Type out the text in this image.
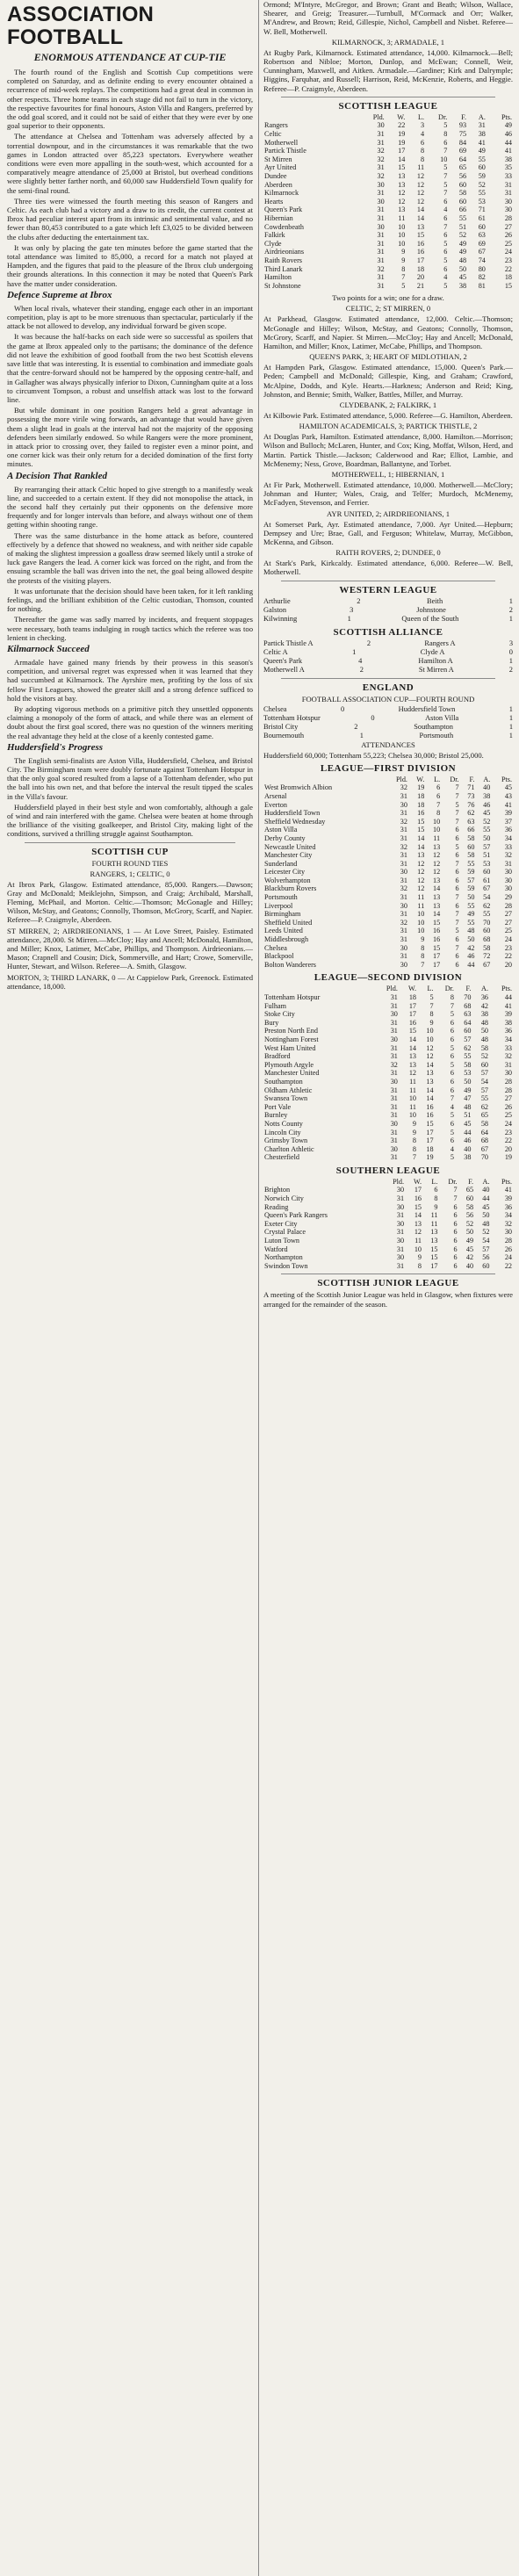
ASSOCIATION FOOTBALL
ENORMOUS ATTENDANCE AT CUP-TIE

The fourth round of the English and Scottish Cup competitions were completed on Saturday, and as definite ending to every encounter obtained a recurrence of mid-week replays. The competitions had a great deal in common in other respects. Three home teams in each stage did not fail to turn in the victory, the respective favourites for final honours, Aston Villa and Rangers, preferred by the odd goal scored, and it could not be said of either that they were ever by one goal superior to their opponents.

The attendance at Chelsea and Tottenham was adversely affected by a torrential downpour, and in the circumstances it was remarkable that the two games in London attracted over 85,223 spectators. Everywhere weather conditions were even more appalling in the south-west, which accounted for a comparatively meagre attendance of 25,000 at Bristol, but overhead conditions were slightly better farther north, and 60,000 saw Huddersfield Town qualify for the semi-final round.

Three ties were witnessed the fourth meeting this season of Rangers and Celtic. As each club had a victory and a draw to its credit, the current contest at Ibrox had peculiar interest apart from its intrinsic and sentimental value, and no fewer than 80,453 contributed to a gate which left £3,025 to be divided between the clubs after deducting the entertainment tax.

It was only by placing the gate ten minutes before the game started that the total attendance was limited to 85,000, a record for a match not played at Hampden, and the figures that paid to the pleasure of the Ibrox club undergoing their grounds alterations. In this connection it may be noted that Queen's Park have the matter under consideration.

Defence Supreme at Ibrox

When local rivals, whatever their standing, engage each other in an important competition, play is apt to be more strenuous than spectacular, particularly if the attack be not allowed to develop, any individual forward be given scope.

It was because the half-backs on each side were so successful as spoilers that the game at Ibrox appealed only to the partisans; the dominance of the defence did not leave the exhibition of good football from the two best Scottish elevens save little that was interesting. It is essential to combination and immediate goals that the centre-forward should not be hampered by the opposing centre-half, and in Gallagher was always physically inferior to Dixon, Cunningham quite at a loss to circumvent Tompson, a robust and unselfish attack was lost to the forward line.

But while dominant in one position Rangers held a great advantage in possessing the more virile wing forwards, an advantage that would have given them a slight lead in goals at the interval had not the majority of the opposing defenders been similarly endowed. So while Rangers were the more prominent, in attack prior to crossing over, they failed to register even a minor point, and one corner kick was their only return for a decided domination of the first forty minutes.

A Decision That Rankled

By rearranging their attack Celtic hoped to give strength to a manifestly weak line, and succeeded to a certain extent. If they did not monopolise the attack, in the second half they certainly put their opponents on the defensive more frequently and for longer intervals than before, and always without one of them getting within shooting range.

There was the same disturbance in the home attack as before, countered effectively by a defence that showed no weakness, and with neither side capable of making the slightest impression a goalless draw seemed likely until a stroke of luck gave Rangers the lead. A corner kick was forced on the right, and from the ensuing scramble the ball was driven into the net, the goal being allowed despite the protests of the visiting players.

It was unfortunate that the decision should have been taken, for it left rankling feelings, and the brilliant exhibition of the Celtic custodian, Thomson, counted for nothing.

Thereafter the game was sadly marred by incidents, and frequent stoppages were necessary, both teams indulging in rough tactics which the referee was too lenient in checking.

Kilmarnock Succeed

Armadale have gained many friends by their prowess in this season's competition, and universal regret was expressed when it was learned that they had succumbed at Kilmarnock. The Ayrshire men, profiting by the loss of six fellow First Leaguers, showed the greater skill and a strong defence sufficed to hold the visitors at bay.

By adopting vigorous methods on a primitive pitch they unsettled opponents claiming a monopoly of the form of attack, and while there was an element of doubt about the first goal scored, there was no question of the winners meriting the real advantage they held at the close of a keenly contested game.

Huddersfield's Progress

The English semi-finalists are Aston Villa, Huddersfield, Chelsea, and Bristol City. The Birmingham team were doubly fortunate against Tottenham Hotspur in that the only goal scored resulted from a lapse of a Tottenham defender, who put the ball into his own net, and that before the interval the result tipped the scales in the Villa's favour.

Huddersfield played in their best style and won comfortably, although a gale of wind and rain interfered with the game. Chelsea were beaten at home through the brilliance of the visiting goalkeeper, and Bristol City, making light of the conditions, survived a thrilling struggle against Southampton.

SCOTTISH CUP
FOURTH ROUND TIES
RANGERS, 1; CELTIC, 0

At Ibrox Park, Glasgow. Estimated attendance, 85,000. Rangers.—Dawson; Gray and McDonald; Meiklejohn, Simpson, and Craig; Archibald, Marshall, Fleming, McPhail, and Morton. Celtic.—Thomson; McGonagle and Hilley; Wilson, McStay, and Geatons; Connolly, Thomson, McGrory, Scarff, and Napier. Referee—P. Craigmyle, Aberdeen.

ST MIRREN, 2; AIRDRIEONIANS, 1 — At Love Street, Paisley. Estimated attendance, 28,000. St Mirren.—McCloy; Hay and Ancell; McDonald, Hamilton, and Miller; Knox, Latimer, McCabe, Phillips, and Thompson. Airdrieonians.—Mason; Crapnell and Cousin; Dick, Sommerville, and Hart; Crowe, Somerville, Hunter, Stewart, and Wilson. Referee—A. Smith, Glasgow.

MORTON, 3; THIRD LANARK, 0 — At Cappielow Park, Greenock. Estimated attendance, 18,000.

Ormond; M'Intyre, McGregor, and Brown; Grant and Beath; Wilson, Wallace, Shearer, and Greig; Treasurer.—Turnbull, M'Cormack and Orr; Walker, M'Andrew, and Brown; Reid, Gillespie, Nichol, Campbell and Nisbet. Referee—W. Bell, Motherwell.

KILMARNOCK, 3; ARMADALE, 1

At Rugby Park, Kilmarnock. Estimated attendance, 14,000. Kilmarnock.—Bell; Robertson and Nibloe; Morton, Dunlop, and McEwan; Connell, Weir, Cunningham, Maxwell, and Aitken. Armadale.—Gardiner; Kirk and Dalrymple; Higgins, Farquhar, and Russell; Harrison, Reid, McKenzie, Roberts, and Heggie. Referee—P. Craigmyle, Aberdeen.

SCOTTISH LEAGUE
	Pld.	W.	L.	Dr.	F.	A.	Pts.
Rangers	30	22	3	5	93	31	49
Celtic	31	19	4	8	75	38	46
Motherwell	31	19	6	6	84	41	44
Partick Thistle	32	17	8	7	69	49	41
St Mirren	32	14	8	10	64	55	38
Ayr United	31	15	11	5	65	60	35
Dundee	32	13	12	7	56	59	33
Aberdeen	30	13	12	5	60	52	31
Kilmarnock	31	12	12	7	58	55	31
Hearts	30	12	12	6	60	53	30
Queen's Park	31	13	14	4	66	71	30
Hibernian	31	11	14	6	55	61	28
Cowdenbeath	30	10	13	7	51	60	27
Falkirk	31	10	15	6	52	63	26
Clyde	31	10	16	5	49	69	25
Airdrieonians	31	9	16	6	49	67	24
Raith Rovers	31	9	17	5	48	74	23
Third Lanark	32	8	18	6	50	80	22
Hamilton	31	7	20	4	45	82	18
St Johnstone	31	5	21	5	38	81	15
Two points for a win; one for a draw.
CELTIC, 2; ST MIRREN, 0

At Parkhead, Glasgow. Estimated attendance, 12,000. Celtic.—Thomson; McGonagle and Hilley; Wilson, McStay, and Geatons; Connolly, Thomson, McGrory, Scarff, and Napier. St Mirren.—McCloy; Hay and Ancell; McDonald, Hamilton, and Miller; Knox, Latimer, McCabe, Phillips, and Thompson.

QUEEN'S PARK, 3; HEART OF MIDLOTHIAN, 2

At Hampden Park, Glasgow. Estimated attendance, 15,000. Queen's Park.—Peden; Campbell and McDonald; Gillespie, King, and Graham; Crawford, McAlpine, Dodds, and Kyle. Hearts.—Harkness; Anderson and Reid; King, Johnston, and Bennie; Smith, Walker, Battles, Miller, and Murray.

CLYDEBANK, 2; FALKIRK, 1

At Kilbowie Park. Estimated attendance, 5,000. Referee—G. Hamilton, Aberdeen.

HAMILTON ACADEMICALS, 3; PARTICK THISTLE, 2

At Douglas Park, Hamilton. Estimated attendance, 8,000. Hamilton.—Morrison; Wilson and Bulloch; McLaren, Hunter, and Cox; King, Moffat, Wilson, Herd, and Martin. Partick Thistle.—Jackson; Calderwood and Rae; Elliot, Lambie, and McMenemy; Ness, Grove, Boardman, Ballantyne, and Torbet.

MOTHERWELL, 1; HIBERNIAN, 1

At Fir Park, Motherwell. Estimated attendance, 10,000. Motherwell.—McClory; Johnman and Hunter; Wales, Craig, and Telfer; Murdoch, McMenemy, McFadyen, Stevenson, and Ferrier.

AYR UNITED, 2; AIRDRIEONIANS, 1

At Somerset Park, Ayr. Estimated attendance, 7,000. Ayr United.—Hepburn; Dempsey and Ure; Brae, Gall, and Ferguson; Whitelaw, Murray, McGibbon, McKenna, and Gibson.

RAITH ROVERS, 2; DUNDEE, 0

At Stark's Park, Kirkcaldy. Estimated attendance, 6,000. Referee—W. Bell, Motherwell.

WESTERN LEAGUE
Arthurlie	2	Beith	1
Galston	3	Johnstone	2
Kilwinning	1	Queen of the South	1
SCOTTISH ALLIANCE
Partick Thistle A	2	Rangers A	3
Celtic A	1	Clyde A	0
Queen's Park	4	Hamilton A	1
Motherwell A	2	St Mirren A	2
ENGLAND
FOOTBALL ASSOCIATION CUP—FOURTH ROUND
Chelsea	0	Huddersfield Town	1
Tottenham Hotspur	0	Aston Villa	1
Bristol City	2	Southampton	1
Bournemouth	1	Portsmouth	1
ATTENDANCES

Huddersfield 60,000; Tottenham 55,223; Chelsea 30,000; Bristol 25,000.

LEAGUE—FIRST DIVISION
	Pld.	W.	L.	Dr.	F.	A.	Pts.
West Bromwich Albion	32	19	6	7	71	40	45
Arsenal	31	18	6	7	73	38	43
Everton	30	18	7	5	76	46	41
Huddersfield Town	31	16	8	7	62	45	39
Sheffield Wednesday	32	15	10	7	63	52	37
Aston Villa	31	15	10	6	66	55	36
Derby County	31	14	11	6	58	50	34
Newcastle United	32	14	13	5	60	57	33
Manchester City	31	13	12	6	58	51	32
Sunderland	31	12	12	7	55	53	31
Leicester City	30	12	12	6	59	60	30
Wolverhampton	31	12	13	6	57	61	30
Blackburn Rovers	32	12	14	6	59	67	30
Portsmouth	31	11	13	7	50	54	29
Liverpool	30	11	13	6	55	62	28
Birmingham	31	10	14	7	49	55	27
Sheffield United	32	10	15	7	55	70	27
Leeds United	31	10	16	5	48	60	25
Middlesbrough	31	9	16	6	50	68	24
Chelsea	30	8	15	7	42	58	23
Blackpool	31	8	17	6	46	72	22
Bolton Wanderers	30	7	17	6	44	67	20
LEAGUE—SECOND DIVISION
	Pld.	W.	L.	Dr.	F.	A.	Pts.
Tottenham Hotspur	31	18	5	8	70	36	44
Fulham	31	17	7	7	68	42	41
Stoke City	30	17	8	5	63	38	39
Bury	31	16	9	6	64	48	38
Preston North End	31	15	10	6	60	50	36
Nottingham Forest	30	14	10	6	57	48	34
West Ham United	31	14	12	5	62	58	33
Bradford	31	13	12	6	55	52	32
Plymouth Argyle	32	13	14	5	58	60	31
Manchester United	31	12	13	6	53	57	30
Southampton	30	11	13	6	50	54	28
Oldham Athletic	31	11	14	6	49	57	28
Swansea Town	31	10	14	7	47	55	27
Port Vale	31	11	16	4	48	62	26
Burnley	31	10	16	5	51	65	25
Notts County	30	9	15	6	45	58	24
Lincoln City	31	9	17	5	44	64	23
Grimsby Town	31	8	17	6	46	68	22
Charlton Athletic	30	8	18	4	40	67	20
Chesterfield	31	7	19	5	38	70	19
SOUTHERN LEAGUE
	Pld.	W.	L.	Dr.	F.	A.	Pts.
Brighton	30	17	6	7	65	40	41
Norwich City	31	16	8	7	60	44	39
Reading	30	15	9	6	58	45	36
Queen's Park Rangers	31	14	11	6	56	50	34
Exeter City	30	13	11	6	52	48	32
Crystal Palace	31	12	13	6	50	52	30
Luton Town	30	11	13	6	49	54	28
Watford	31	10	15	6	45	57	26
Northampton	30	9	15	6	42	56	24
Swindon Town	31	8	17	6	40	60	22
SCOTTISH JUNIOR LEAGUE

A meeting of the Scottish Junior League was held in Glasgow, when fixtures were arranged for the remainder of the season.
